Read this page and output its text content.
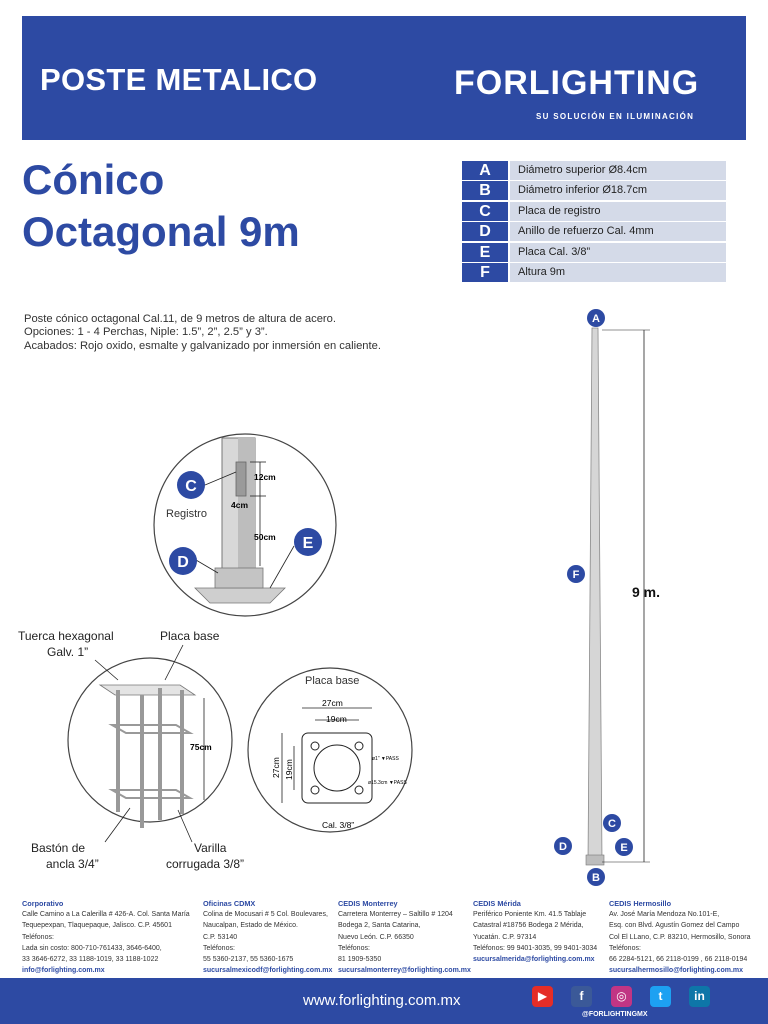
POSTE METALICO	FORLIGHTING
SU SOLUCIÓN EN ILUMINACIÓN
Cónico
Octagonal 9m
A	Diámetro superior Ø8.4cm
B	Diámetro inferior Ø18.7cm
C	Placa de registro
D	Anillo de refuerzo Cal. 4mm
E	Placa Cal. 3/8”
F	Altura 9m
Poste cónico octagonal Cal.11, de 9 metros de altura de acero.
Opciones: 1 - 4 Perchas, Niple: 1.5”, 2”, 2.5” y 3”.
Acabados: Rojo oxido, esmalte y galvanizado por inmersión en caliente.
12cm
4cm
50cm
Registro
C
D
E
75cm
Tuerca hexagonal
Galv. 1”
Placa base
Bastón de
ancla 3/4”
Varilla
corrugada 3/8”
Placa base
27cm
19cm
27cm 19cm
ø1” ▼PASS
ø15.3cm ▼PASS
Cal. 3/8”
9 m.
A
F
C
D	E
B
Corporativo
Calle Camino a La Calerilla # 426-A. Col. Santa María
Tequepexpan, Tlaquepaque, Jalisco. C.P. 45601
Teléfonos:
Lada sin costo: 800-710-761433, 3646-6400,
33 3646-6272, 33 1188-1019, 33 1188-1022
info@forlighting.com.mx
Oficinas CDMX
Colina de Mocusari # 5 Col. Boulevares,
Naucalpan, Estado de México.
C.P. 53140
Teléfonos:
55 5360-2137, 55 5360-1675
sucursalmexicodf@forlighting.com.mx
CEDIS Monterrey
Carretera Monterrey – Saltillo # 1204
Bodega 2, Santa Catarina,
Nuevo León. C.P. 66350
Teléfonos:
81 1909-5350
sucursalmonterrey@forlighting.com.mx
CEDIS Mérida
Periférico Poniente Km. 41.5 Tablaje
Catastral #18756 Bodega 2 Mérida,
Yucatán. C.P. 97314
Teléfonos: 99 9401-3035, 99 9401-3034
sucursalmerida@forlighting.com.mx
CEDIS Hermosillo
Av. José María Mendoza No.101-E,
Esq. con Blvd. Agustín Gomez del Campo
Col El LLano, C.P. 83210, Hermosillo, Sonora
Teléfonos:
66 2284-5121, 66 2118-0199 , 66 2118-0194
sucursalhermosillo@forlighting.com.mx
www.forlighting.com.mx	▶	f	◎	t	in
@FORLIGHTINGMX
